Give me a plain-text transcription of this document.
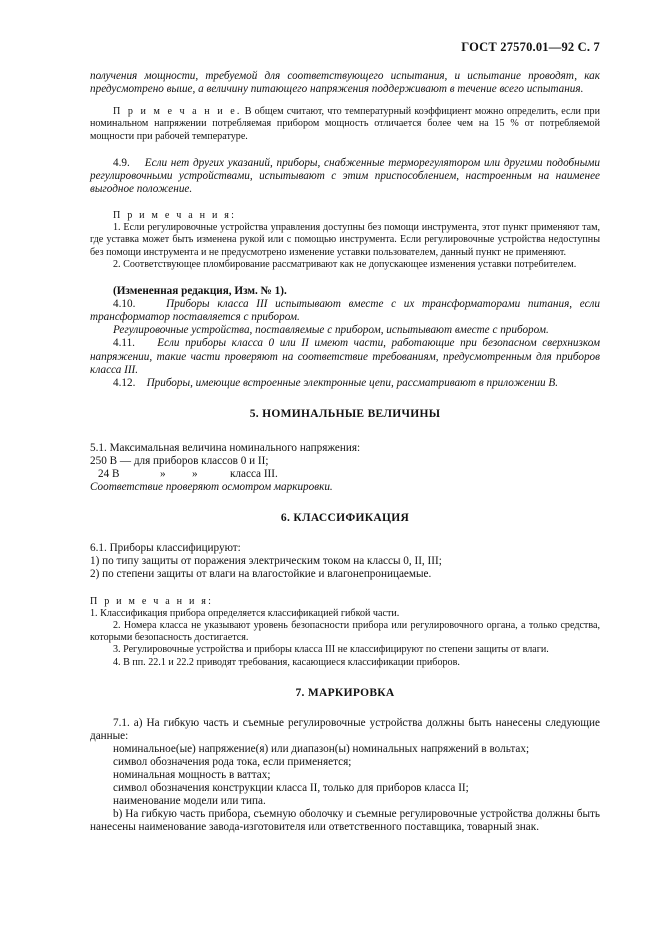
ГОСТ 27570.01—92 С. 7

получения мощности, требуемой для соответствующего испытания, и испытание проводят, как предусмотрено выше, а величину питающего напряжения поддерживают в течение всего испытания.

П р и м е ч а н и е. В общем считают, что температурный коэффициент можно определить, если при номинальном напряжении потребляемая прибором мощность отличается более чем на 15 % от потребляемой мощности при рабочей температуре.

4.9. Если нет других указаний, приборы, снабженные терморегулятором или другими подобными регулировочными устройствами, испытывают с этим приспособлением, настроенным на наименее выгодное положение.

П р и м е ч а н и я:

1. Если регулировочные устройства управления доступны без помощи инструмента, этот пункт применяют там, где уставка может быть изменена рукой или с помощью инструмента. Если регулировочные устройства недоступны без помощи инструмента и не предусмотрено изменение уставки пользователем, данный пункт не применяют.

2. Соответствующее пломбирование рассматривают как не допускающее изменения уставки потребителем.

(Измененная редакция, Изм. № 1).

4.10.	Приборы класса III испытывают вместе с их трансформаторами питания, если трансформатор поставляется с прибором.

Регулировочные устройства, поставляемые с прибором, испытывают вместе с прибором.

4.11. Если приборы класса 0 или II имеют части, работающие при безопасном сверхнизком напряжении, такие части проверяют на соответствие требованиям, предусмотренным для приборов класса III.

4.12. Приборы, имеющие встроенные электронные цепи, рассматривают в приложении В.

5. НОМИНАЛЬНЫЕ ВЕЛИЧИНЫ

5.1. Максимальная величина номинального напряжения:

250 В — для приборов классов 0 и II;

24 В	»	»	класса III.

Соответствие проверяют осмотром маркировки.

6. КЛАССИФИКАЦИЯ

6.1. Приборы классифицируют:

1) по типу защиты от поражения электрическим током на классы 0, II, III;

2) по степени защиты от влаги на влагостойкие и влагонепроницаемые.

П р и м е ч а н и я:

1. Классификация прибора определяется классификацией гибкой части.

2. Номера класса не указывают уровень безопасности прибора или регулировочного органа, а только средства, которыми безопасность достигается.

3. Регулировочные устройства и приборы класса III не классифицируют по степени защиты от влаги.

4. В пп. 22.1 и 22.2 приводят требования, касающиеся классификации приборов.

7. МАРКИРОВКА

7.1. а) На гибкую часть и съемные регулировочные устройства должны быть нанесены следующие данные:

номинальное(ые) напряжение(я) или диапазон(ы) номинальных напряжений в вольтах;

символ обозначения рода тока, если применяется;

номинальная мощность в ваттах;

символ обозначения конструкции класса II, только для приборов класса II;

наименование модели или типа.

b) На гибкую часть прибора, съемную оболочку и съемные регулировочные устройства должны быть нанесены наименование завода-изготовителя или ответственного поставщика, товарный знак.
